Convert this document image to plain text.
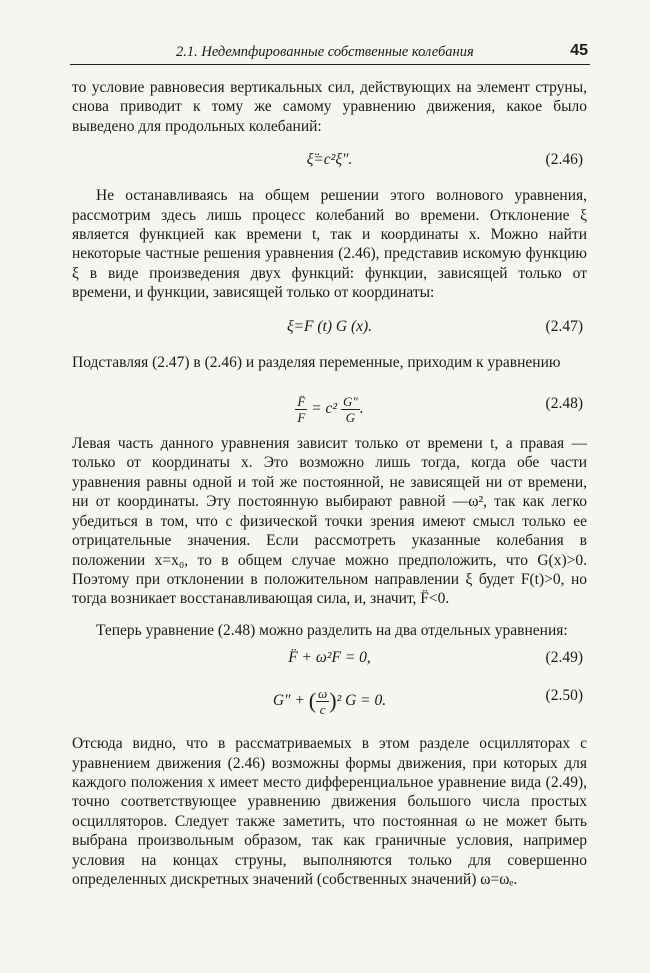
2.1. Недемпфированные собственные колебания	45

то условие равновесия вертикальных сил, действующих на элемент струны, снова приводит к тому же самому уравнению движения, какое было выведено для продольных колебаний:

ξ̈=c²ξ″.	(2.46)

Не останавливаясь на общем решении этого волнового уравнения, рассмотрим здесь лишь процесс колебаний во времени. Отклонение ξ является функцией как времени t, так и координаты x. Можно найти некоторые частные решения уравнения (2.46), представив искомую функцию ξ в виде произведения двух функций: функции, зависящей только от времени, и функции, зависящей только от координаты:

ξ=F (t) G (x).	(2.47)

Подставляя (2.47) в (2.46) и разделяя переменные, приходим к уравнению

$\frac{F̈}{F} = c^2 \frac{G''}{G}$ .	(2.48)

Левая часть данного уравнения зависит только от времени t, а правая — только от координаты x. Это возможно лишь тогда, когда обе части уравнения равны одной и той же постоянной, не зависящей ни от времени, ни от координаты. Эту постоянную выбирают равной —ω², так как легко убедиться в том, что с физической точки зрения имеют смысл только ее отрицательные значения. Если рассмотреть указанные колебания в положении x=x₀, то в общем случае можно предположить, что G(x)>0. Поэтому при отклонении в положительном направлении ξ будет F(t)>0, но тогда возникает восстанавливающая сила, и, значит, F̈<0.

Теперь уравнение (2.48) можно разделить на два отдельных уравнения:

F̈ + ω²F = 0,	(2.49)
G″ + ( $\frac{\omega}{c} )^2$ G = 0.	(2.50)

Отсюда видно, что в рассматриваемых в этом разделе осцилляторах с уравнением движения (2.46) возможны формы движения, при которых для каждого положения x имеет место дифференциальное уравнение вида (2.49), точно соответствующее уравнению движения большого числа простых осцилляторов. Следует также заметить, что постоянная ω не может быть выбрана произвольным образом, так как граничные условия, например условия на концах струны, выполняются только для совершенно определенных дискретных значений (собственных значений) ω=ωₑ.
